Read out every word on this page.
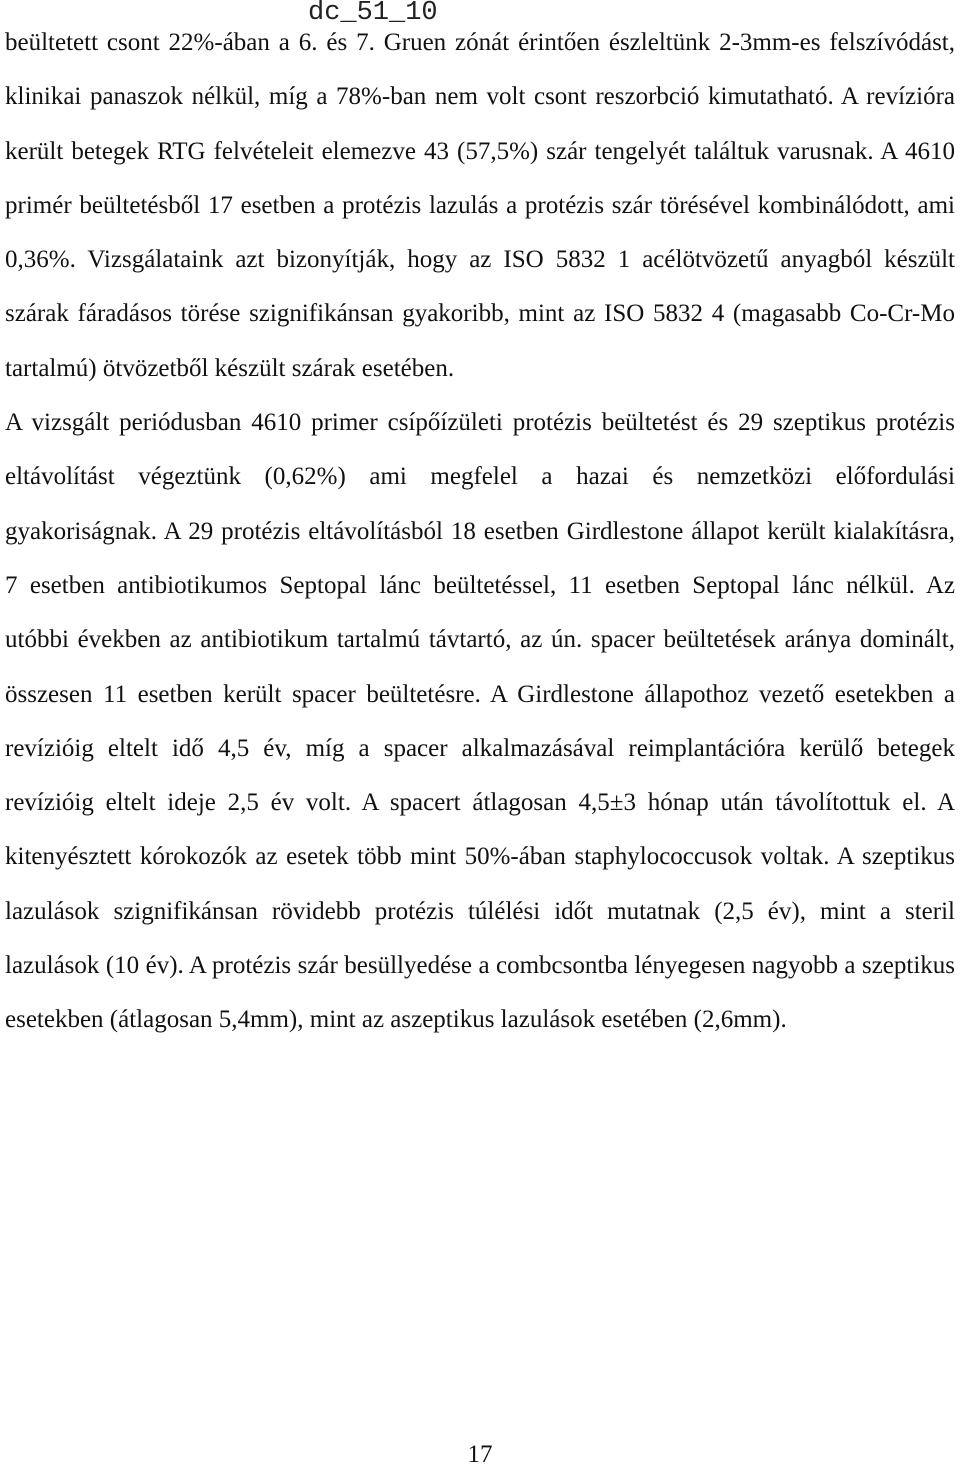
dc_51_10

beültetett csont 22%-ában a 6. és 7. Gruen zónát érintően észleltünk 2-3mm-es felszívódást, klinikai panaszok nélkül, míg a 78%-ban nem volt csont reszorbció kimutatható. A revízióra került betegek RTG felvételeit elemezve 43 (57,5%) szár tengelyét találtuk varusnak. A 4610 primér beültetésből 17 esetben a protézis lazulás a protézis szár törésével kombinálódott, ami 0,36%. Vizsgálataink azt bizonyítják, hogy az ISO 5832 1 acélötvözetű anyagból készült szárak fáradásos törése szignifikánsan gyakoribb, mint az ISO 5832 4 (magasabb Co-Cr-Mo tartalmú) ötvözetből készült szárak esetében.

A vizsgált periódusban 4610 primer csípőízületi protézis beültetést és 29 szeptikus protézis eltávolítást végeztünk (0,62%) ami megfelel a hazai és nemzetközi előfordulási gyakoriságnak. A 29 protézis eltávolításból 18 esetben Girdlestone állapot került kialakításra, 7 esetben antibiotikumos Septopal lánc beültetéssel, 11 esetben Septopal lánc nélkül. Az utóbbi években az antibiotikum tartalmú távtartó, az ún. spacer beültetések aránya dominált, összesen 11 esetben került spacer beültetésre. A Girdlestone állapothoz vezető esetekben a revízióig eltelt idő 4,5 év, míg a spacer alkalmazásával reimplantációra kerülő betegek revízióig eltelt ideje 2,5 év volt. A spacert átlagosan 4,5±3 hónap után távolítottuk el. A kitenyésztett kórokozók az esetek több mint 50%-ában staphylococcusok voltak. A szeptikus lazulások szignifikánsan rövidebb protézis túlélési időt mutatnak (2,5 év), mint a steril lazulások (10 év). A protézis szár besüllyedése a combcsontba lényegesen nagyobb a szeptikus esetekben (átlagosan 5,4mm), mint az aszeptikus lazulások esetében (2,6mm).

17
